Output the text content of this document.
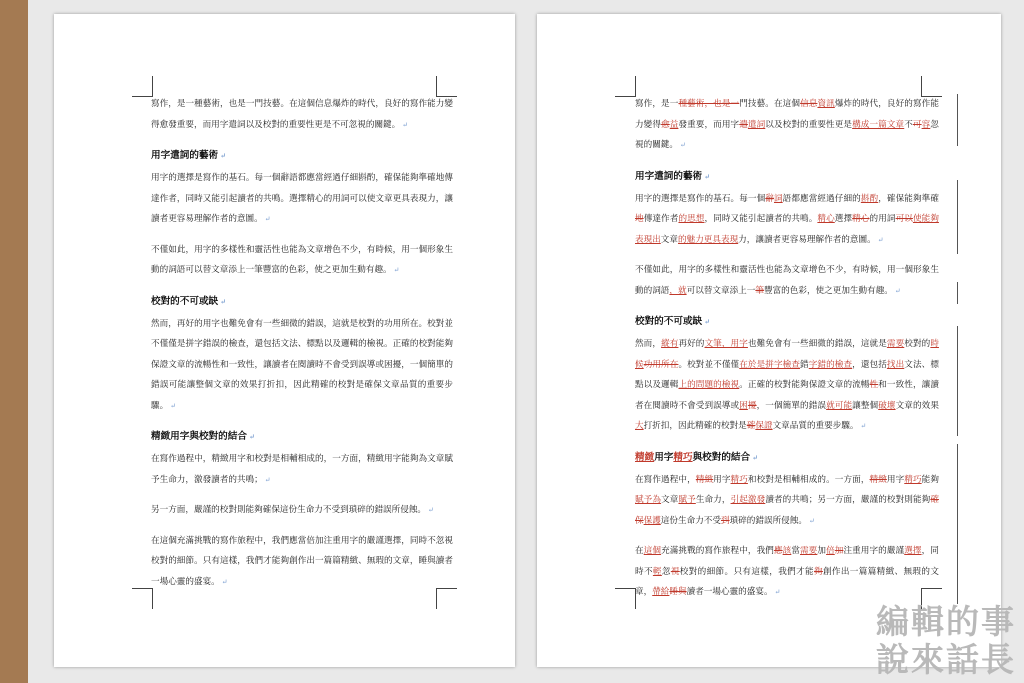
寫作，是一種藝術，也是一門技藝。在這個信息爆炸的時代，良好的寫作能力變得愈發重要，而用字遣詞以及校對的重要性更是不可忽視的關鍵。 ↵

用字遣詞的藝術 ↵

用字的選擇是寫作的基石。每一個辭語都應當經過仔細斟酌，確保能夠準確地傳達作者，同時又能引起讀者的共鳴。選擇精心的用詞可以使文章更具表現力，讓讀者更容易理解作者的意圖。 ↵

不僅如此，用字的多樣性和靈活性也能為文章增色不少，有時候，用一個形象生動的詞語可以替文章添上一筆豐富的色彩，使之更加生動有趣。 ↵

校對的不可或缺 ↵

然而，再好的用字也難免會有一些細微的錯誤，這就是校對的功用所在。校對並不僅僅是拼字錯誤的檢查，還包括文法、標點以及邏輯的檢視。正確的校對能夠保證文章的流暢性和一致性，讓讀者在閱讀時不會受到誤導或困擾，一個簡單的錯誤可能讓整個文章的效果打折扣，因此精確的校對是確保文章品質的重要步驟。 ↵

精緻用字與校對的結合 ↵

在寫作過程中，精緻用字和校對是相輔相成的，一方面，精緻用字能夠為文章賦予生命力，激發讀者的共鳴； ↵

另一方面，嚴謹的校對則能夠確保這份生命力不受到瑣碎的錯誤所侵蝕。 ↵

在這個充滿挑戰的寫作旅程中，我們應當倍加注重用字的嚴謹選擇，同時不忽視校對的細節。只有這樣，我們才能夠創作出一篇篇精緻、無瑕的文章，睡與讀者一場心靈的盛宴。 ↵

寫作，是一種藝術，也是一門技藝。在這個信息資訊爆炸的時代，良好的寫作能力變得愈益發重要，而用字遣遣詞以及校對的重要性更是構成一篇文章不可容忽視的關鍵。 ↵

用字遣詞的藝術 ↵

用字的選擇是寫作的基石。每一個辭詞語都應當經過仔細的斟酌，確保能夠準確地傳達作者的思想，同時又能引起讀者的共鳴。精心選擇精心的用詞可以使能夠表現出文章的魅力更具表現力，讓讀者更容易理解作者的意圖。 ↵

不僅如此，用字的多樣性和靈活性也能為文章增色不少，有時候，用一個形象生動的詞語，就可以替文章添上一筆豐富的色彩，使之更加生動有趣。 ↵

校對的不可或缺 ↵

然而，縱有再好的文筆，用字也難免會有一些細微的錯誤，這就是需要校對的時候功用所在。校對並不僅僅在於是拼字檢查錯字錯的檢查，還包括找出文法、標點以及邏輯上的問題的檢視。正確的校對能夠保證文章的流暢性和一致性，讓讀者在閱讀時不會受到誤導或困擾，一個簡單的錯誤就可能讓整個破壞文章的效果大打折扣，因此精確的校對是確保證文章品質的重要步驟。 ↵

精緻用字精巧與校對的結合 ↵

在寫作過程中，精緻用字精巧和校對是相輔相成的。一方面，精緻用字精巧能夠賦予為文章賦予生命力，引起激發讀者的共鳴；另一方面，嚴謹的校對則能夠確保保護這份生命力不受到瑣碎的錯誤所侵蝕。 ↵

在這個充滿挑戰的寫作旅程中，我們應該當需要加倍加注重用字的嚴謹選擇，同時不輕忽視校對的細節。只有這樣，我們才能夠創作出一篇篇精緻、無瑕的文章，帶給睡與讀者一場心靈的盛宴。 ↵

編輯的事
說來話長
